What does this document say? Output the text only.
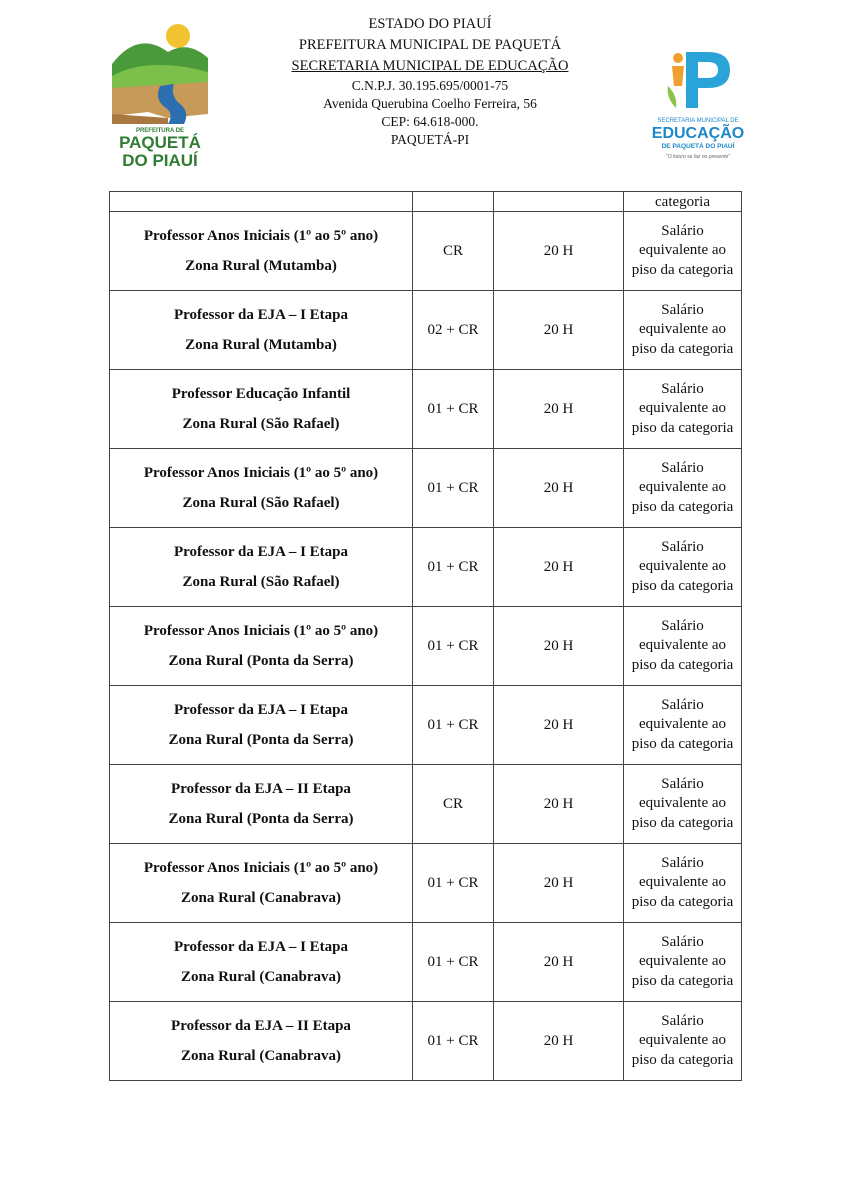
PREFEITURA DE
PAQUETÁ
DO PIAUÍ
ESTADO DO PIAUÍ
PREFEITURA MUNICIPAL DE PAQUETÁ
SECRETARIA MUNICIPAL DE EDUCAÇÃO
C.N.P.J. 30.195.695/0001-75
Avenida Querubina Coelho Ferreira, 56
CEP: 64.618-000.
PAQUETÁ-PI
SECRETARIA MUNICIPAL DE
EDUCAÇÃO
DE PAQUETÁ DO PIAUÍ
"O futuro se faz no presente"
			categoria

Professor Anos Iniciais (1º ao 5º ano)
Zona Rural (Mutamba)	CR	20 H	Salário equivalente ao piso da categoria

Professor da EJA – I Etapa
Zona Rural (Mutamba)	02 + CR	20 H	Salário equivalente ao piso da categoria

Professor Educação Infantil
Zona Rural (São Rafael)	01 + CR	20 H	Salário equivalente ao piso da categoria

Professor Anos Iniciais (1º ao 5º ano)
Zona Rural (São Rafael)	01 + CR	20 H	Salário equivalente ao piso da categoria

Professor da EJA – I Etapa
Zona Rural (São Rafael)	01 + CR	20 H	Salário equivalente ao piso da categoria

Professor Anos Iniciais (1º ao 5º ano)
Zona Rural (Ponta da Serra)	01 + CR	20 H	Salário equivalente ao piso da categoria

Professor da EJA – I Etapa
Zona Rural (Ponta da Serra)	01 + CR	20 H	Salário equivalente ao piso da categoria

Professor da EJA – II Etapa
Zona Rural (Ponta da Serra)	CR	20 H	Salário equivalente ao piso da categoria

Professor Anos Iniciais (1º ao 5º ano)
Zona Rural (Canabrava)	01 + CR	20 H	Salário equivalente ao piso da categoria

Professor da EJA – I Etapa
Zona Rural (Canabrava)	01 + CR	20 H	Salário equivalente ao piso da categoria

Professor da EJA – II Etapa
Zona Rural (Canabrava)	01 + CR	20 H	Salário equivalente ao piso da categoria
